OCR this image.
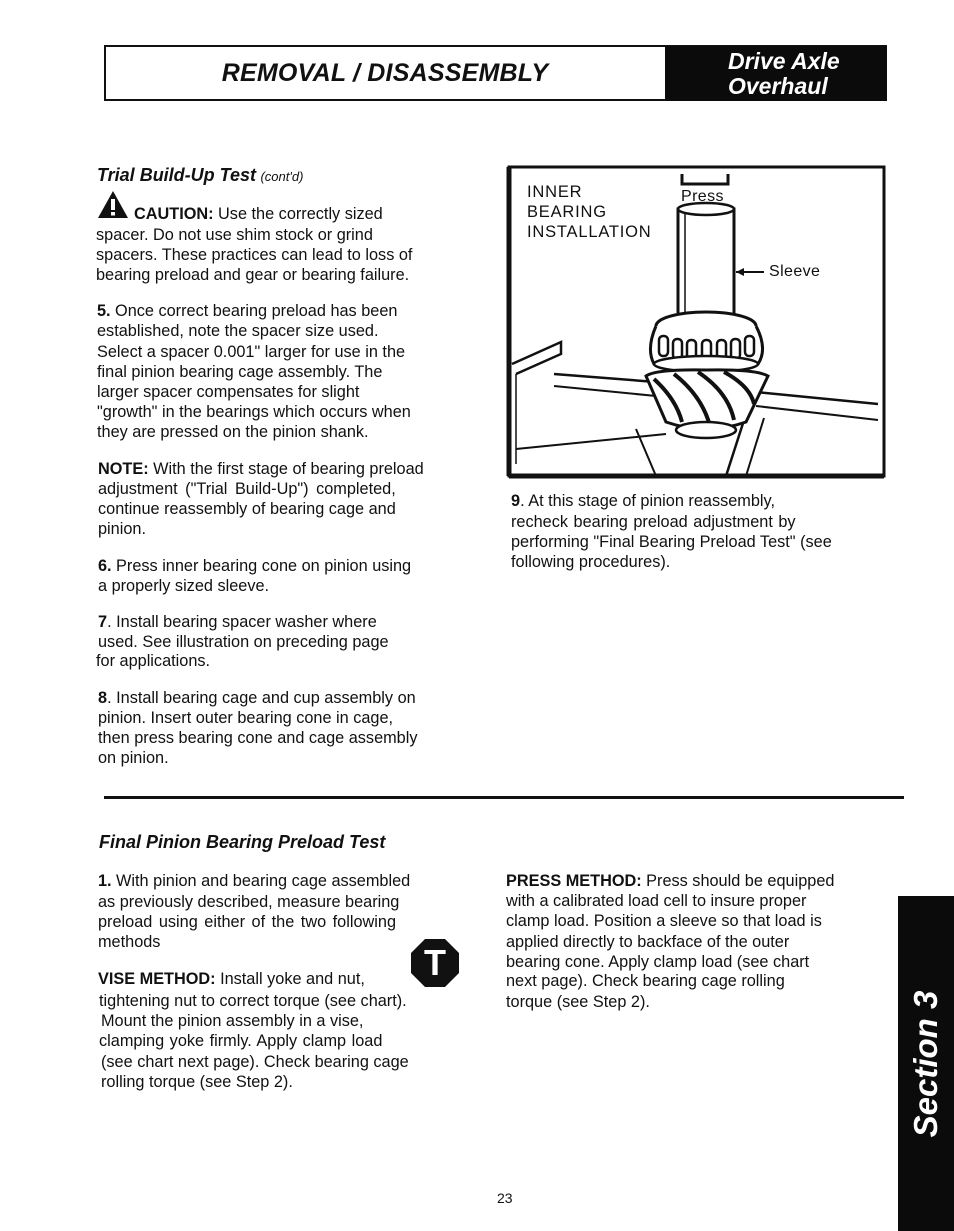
REMOVAL / DISASSEMBLY	Drive Axle
Overhaul
Trial Build-Up Test (cont'd)
CAUTION: Use the correctly sized
spacer. Do not use shim stock or grind
spacers. These practices can lead to loss of
bearing preload and gear or bearing failure.
5. Once correct bearing preload has been
established, note the spacer size used.
Select a spacer 0.001" larger for use in the
final pinion bearing cage assembly. The
larger spacer compensates for slight
"growth" in the bearings which occurs when
they are pressed on the pinion shank.
NOTE: With the first stage of bearing preload
adjustment ("Trial Build-Up") completed,
continue reassembly of bearing cage and
pinion.
6. Press inner bearing cone on pinion using
a properly sized sleeve.
7. Install bearing spacer washer where
used. See illustration on preceding page
for applications.
8. Install bearing cage and cup assembly on
pinion. Insert outer bearing cone in cage,
then press bearing cone and cage assembly
on pinion.
INNER
BEARING
INSTALLATION
Press
Sleeve
9. At this stage of pinion reassembly,
recheck bearing preload adjustment by
performing "Final Bearing Preload Test" (see
following procedures).
Final Pinion Bearing Preload Test
1. With pinion and bearing cage assembled
as previously described, measure bearing
preload using either of the two following
methods	T
VISE METHOD: Install yoke and nut,
tightening nut to correct torque (see chart).
Mount the pinion assembly in a vise,
clamping yoke firmly. Apply clamp load
(see chart next page). Check bearing cage
rolling torque (see Step 2).
PRESS METHOD: Press should be equipped
with a calibrated load cell to insure proper
clamp load. Position a sleeve so that load is
applied directly to backface of the outer
bearing cone. Apply clamp load (see chart
next page). Check bearing cage rolling
torque (see Step 2).	Section 3
23
